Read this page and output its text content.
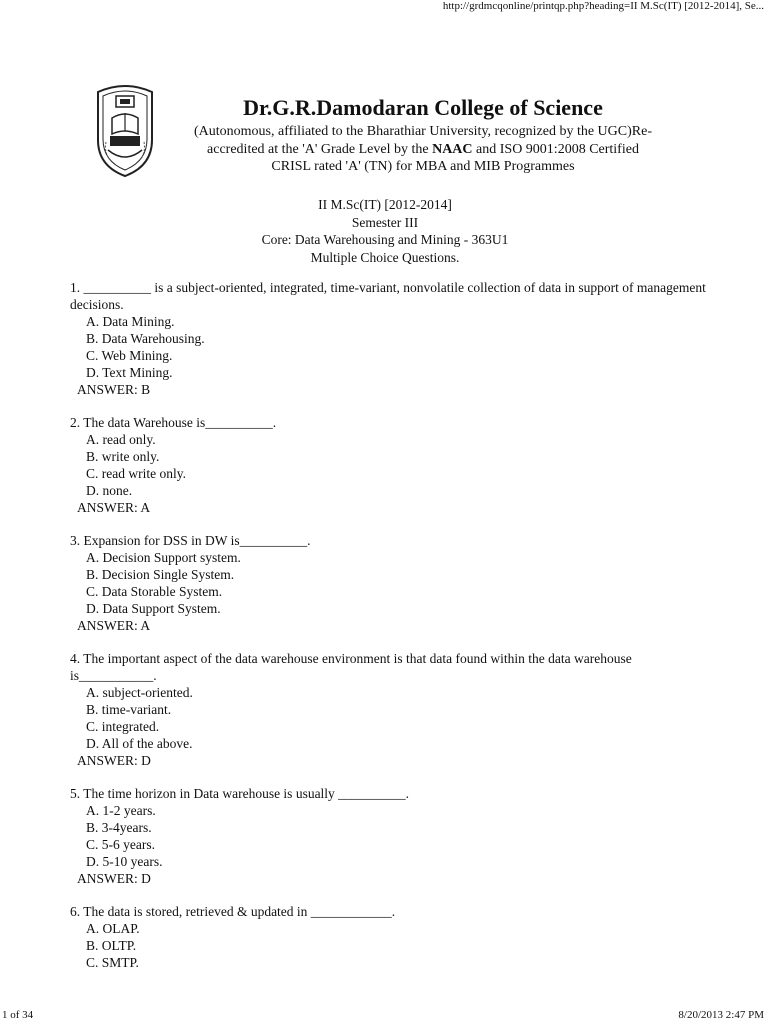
http://grdmcqonline/printqp.php?heading=II M.Sc(IT) [2012-2014], Se...
Dr.G.R.Damodaran College of Science
(Autonomous, affiliated to the Bharathiar University, recognized by the UGC)Re-accredited at the 'A' Grade Level by the NAAC and ISO 9001:2008 Certified
CRISL rated 'A' (TN) for MBA and MIB Programmes
II M.Sc(IT) [2012-2014]
Semester III
Core: Data Warehousing and Mining - 363U1
Multiple Choice Questions.
1. __________ is a subject-oriented, integrated, time-variant, nonvolatile collection of data in support of management decisions.
A. Data Mining.
B. Data Warehousing.
C. Web Mining.
D. Text Mining.
ANSWER: B
2. The data Warehouse is__________.
A. read only.
B. write only.
C. read write only.
D. none.
ANSWER: A
3. Expansion for DSS in DW is__________.
A. Decision Support system.
B. Decision Single System.
C. Data Storable System.
D. Data Support System.
ANSWER: A
4. The important aspect of the data warehouse environment is that data found within the data warehouse is___________.
A. subject-oriented.
B. time-variant.
C. integrated.
D. All of the above.
ANSWER: D
5. The time horizon in Data warehouse is usually __________.
A. 1-2 years.
B. 3-4years.
C. 5-6 years.
D. 5-10 years.
ANSWER: D
6. The data is stored, retrieved & updated in ____________.
A. OLAP.
B. OLTP.
C. SMTP.
1 of 34	8/20/2013 2:47 PM
